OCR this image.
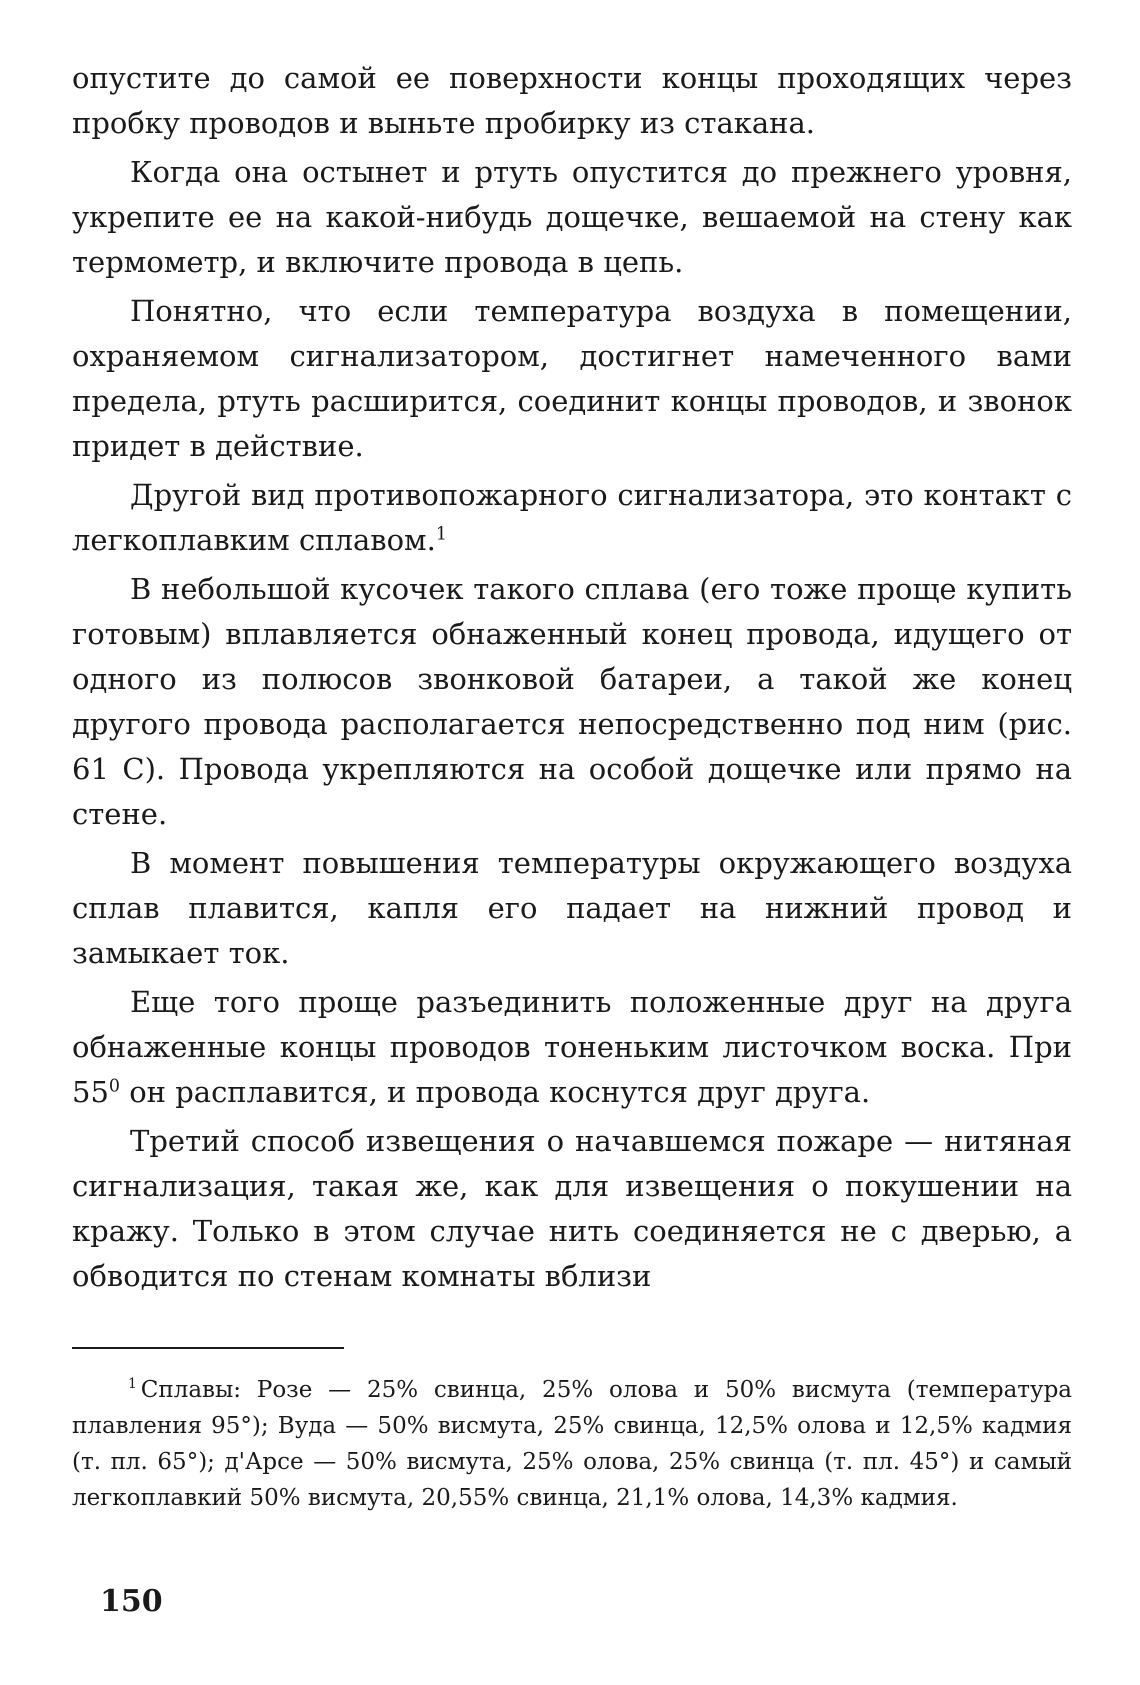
опустите до самой ее поверхности концы проходящих через пробку проводов и выньте пробирку из стакана.

Когда она остынет и ртуть опустится до прежнего уровня, укрепите ее на какой-нибудь дощечке, вешаемой на стену как термометр, и включите провода в цепь.

Понятно, что если температура воздуха в помещении, охраняемом сигнализатором, достигнет намеченного вами предела, ртуть расширится, соединит концы проводов, и звонок придет в действие.

Другой вид противопожарного сигнализатора, это контакт с легкоплавким сплавом.$^1$

В небольшой кусочек такого сплава (его тоже проще купить готовым) вплавляется обнаженный конец провода, идущего от одного из полюсов звонковой батареи, а такой же конец другого провода располагается непосредственно под ним (рис. 61 С). Провода укрепляются на особой дощечке или прямо на стене.

В момент повышения температуры окружающего воздуха сплав плавится, капля его падает на нижний провод и замыкает ток.

Еще того проще разъединить положенные друг на друга обнаженные концы проводов тоненьким листочком воска. При $55^0$ он расплавится, и провода коснутся друг друга.

Третий способ извещения о начавшемся пожаре — нитяная сигнализация, такая же, как для извещения о покушении на кражу. Только в этом случае нить соединяется не с дверью, а обводится по стенам комнаты вблизи

$^1$ Сплавы: Розе — 25% свинца, 25% олова и 50% висмута (температура плавления 95°); Вуда — 50% висмута, 25% свинца, 12,5% олова и 12,5% кадмия (т. пл. 65°); д'Арсе — 50% висмута, 25% олова, 25% свинца (т. пл. 45°) и самый легкоплавкий 50% висмута, 20,55% свинца, 21,1% олова, 14,3% кадмия.

150
